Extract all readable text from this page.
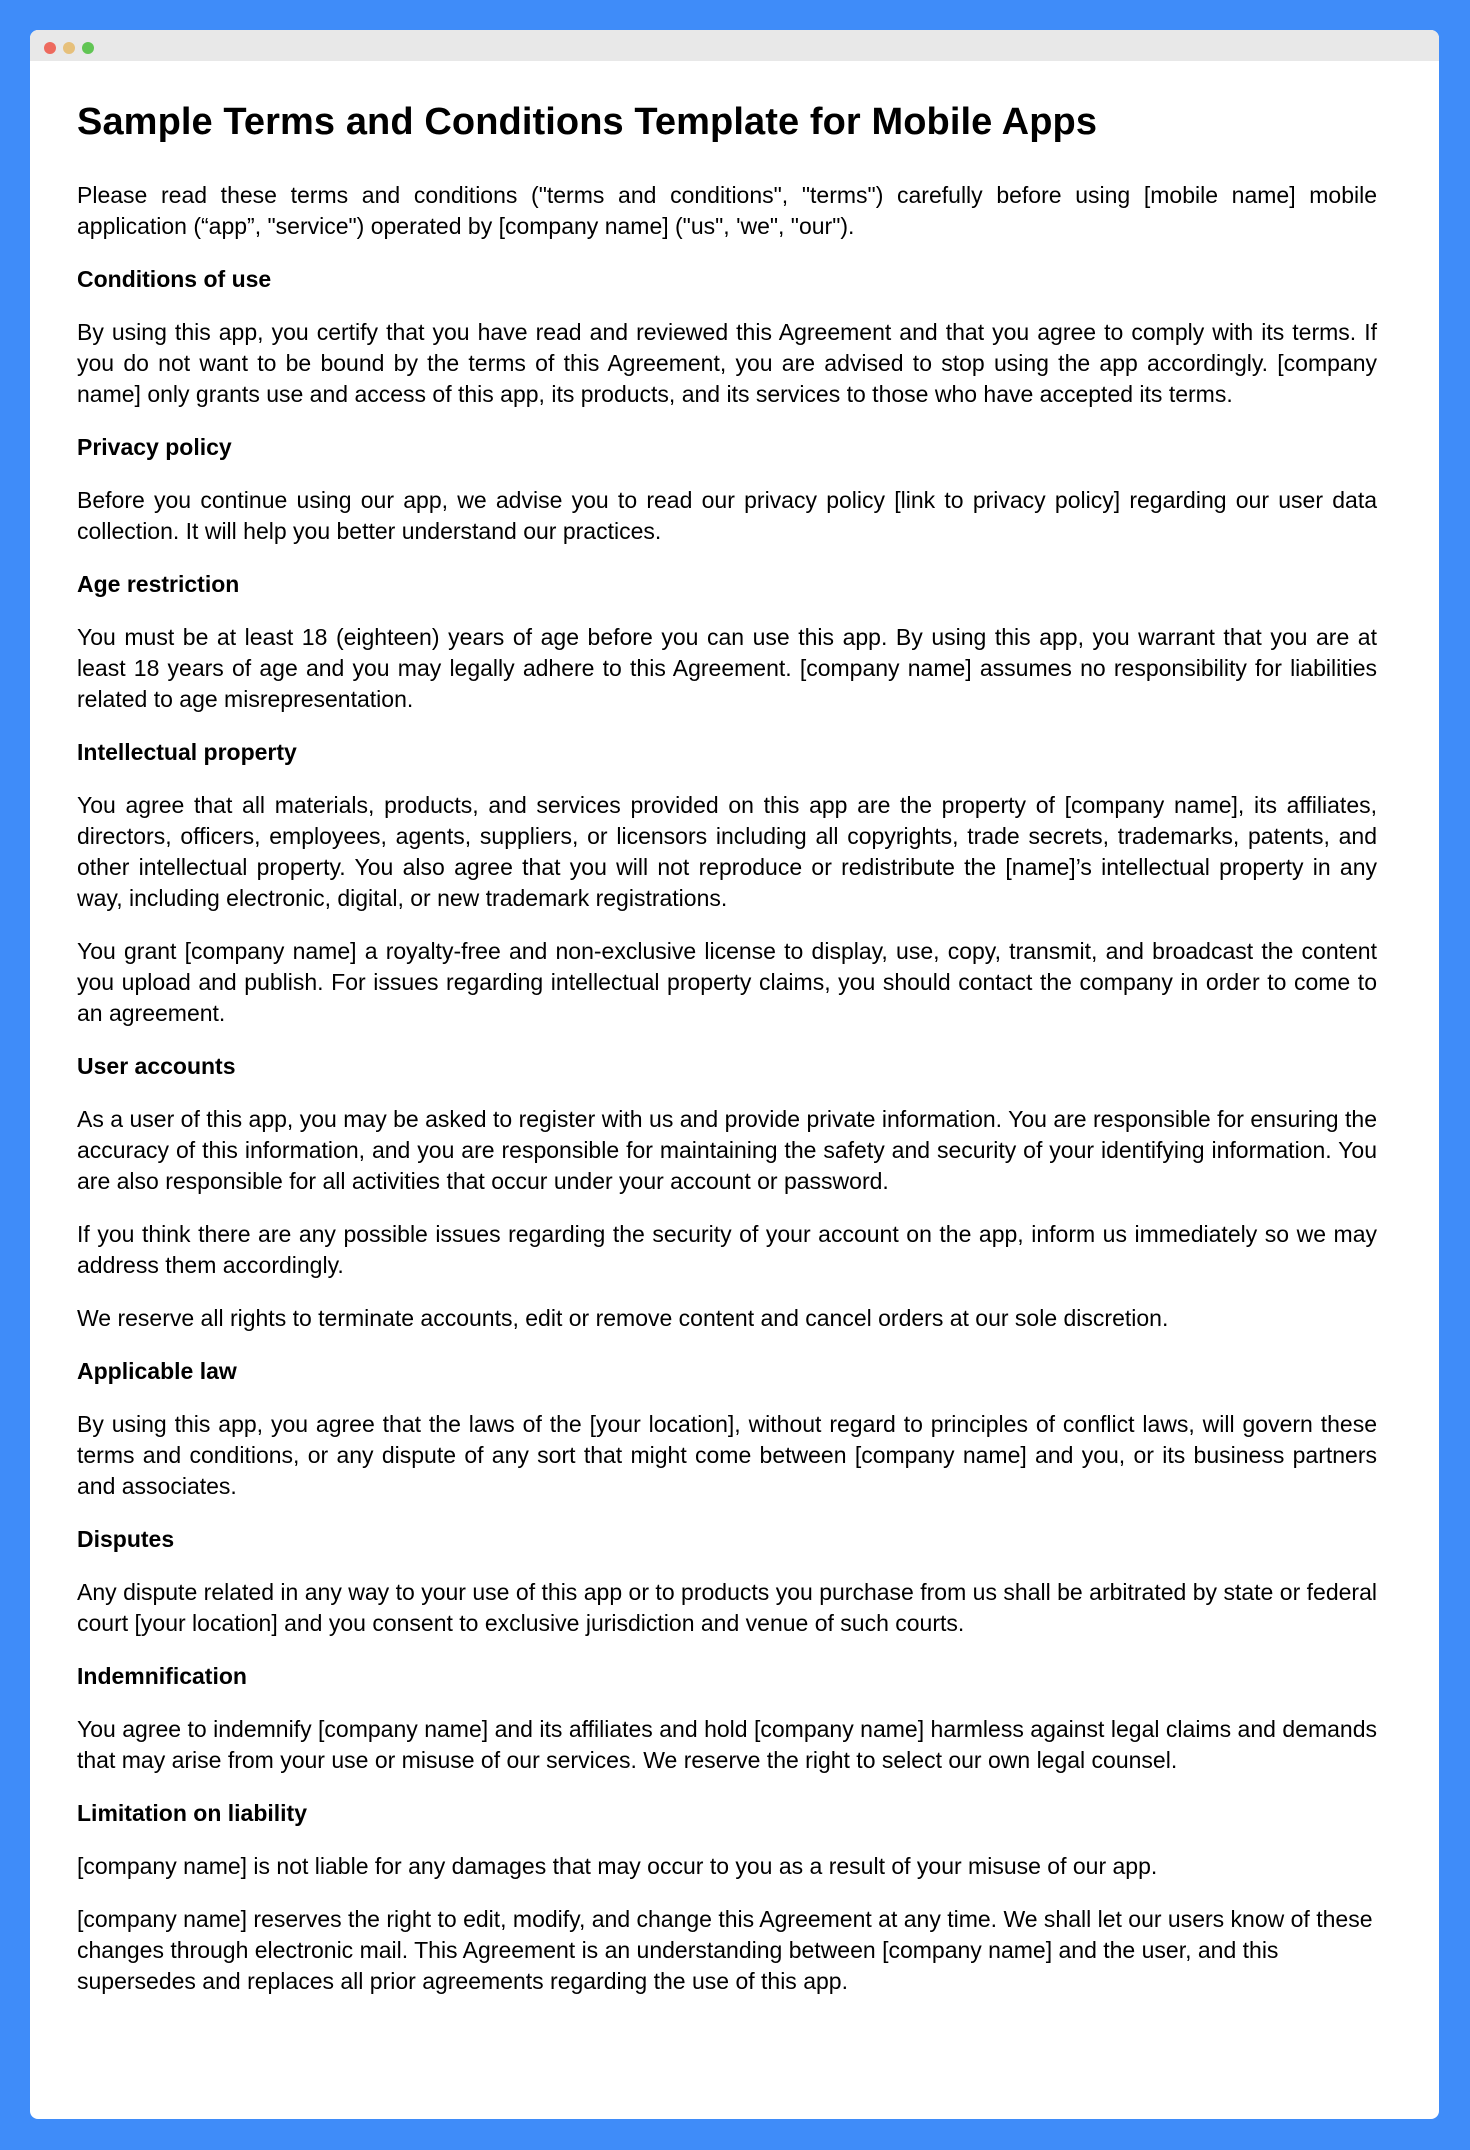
Sample Terms and Conditions Template for Mobile Apps

Please read these terms and conditions ("terms and conditions", "terms") carefully before using [mobile name] mobile application (“app”, "service") operated by [company name] ("us", 'we", "our").

Conditions of use

By using this app, you certify that you have read and reviewed this Agreement and that you agree to comply with its terms. If you do not want to be bound by the terms of this Agreement, you are advised to stop using the app accordingly. [company name] only grants use and access of this app, its products, and its services to those who have accepted its terms.

Privacy policy

Before you continue using our app, we advise you to read our privacy policy [link to privacy policy] regarding our user data collection. It will help you better understand our practices.

Age restriction

You must be at least 18 (eighteen) years of age before you can use this app. By using this app, you warrant that you are at least 18 years of age and you may legally adhere to this Agreement. [company name] assumes no responsibility for liabilities related to age misrepresentation.

Intellectual property

You agree that all materials, products, and services provided on this app are the property of [company name], its affiliates, directors, officers, employees, agents, suppliers, or licensors including all copyrights, trade secrets, trademarks, patents, and other intellectual property. You also agree that you will not reproduce or redistribute the [name]’s intellectual property in any way, including electronic, digital, or new trademark registrations.

You grant [company name] a royalty-free and non-exclusive license to display, use, copy, transmit, and broadcast the content you upload and publish. For issues regarding intellectual property claims, you should contact the company in order to come to an agreement.

User accounts

As a user of this app, you may be asked to register with us and provide private information. You are responsible for ensuring the accuracy of this information, and you are responsible for maintaining the safety and security of your identifying information. You are also responsible for all activities that occur under your account or password.

If you think there are any possible issues regarding the security of your account on the app, inform us immediately so we may address them accordingly.

We reserve all rights to terminate accounts, edit or remove content and cancel orders at our sole discretion.

Applicable law

By using this app, you agree that the laws of the [your location], without regard to principles of conflict laws, will govern these terms and conditions, or any dispute of any sort that might come between [company name] and you, or its business partners and associates.

Disputes

Any dispute related in any way to your use of this app or to products you purchase from us shall be arbitrated by state or federal court [your location] and you consent to exclusive jurisdiction and venue of such courts.

Indemnification

You agree to indemnify [company name] and its affiliates and hold [company name] harmless against legal claims and demands that may arise from your use or misuse of our services. We reserve the right to select our own legal counsel.

Limitation on liability

[company name] is not liable for any damages that may occur to you as a result of your misuse of our app.

[company name] reserves the right to edit, modify, and change this Agreement at any time. We shall let our users know of these changes through electronic mail. This Agreement is an understanding between [company name] and the user, and this supersedes and replaces all prior agreements regarding the use of this app.
